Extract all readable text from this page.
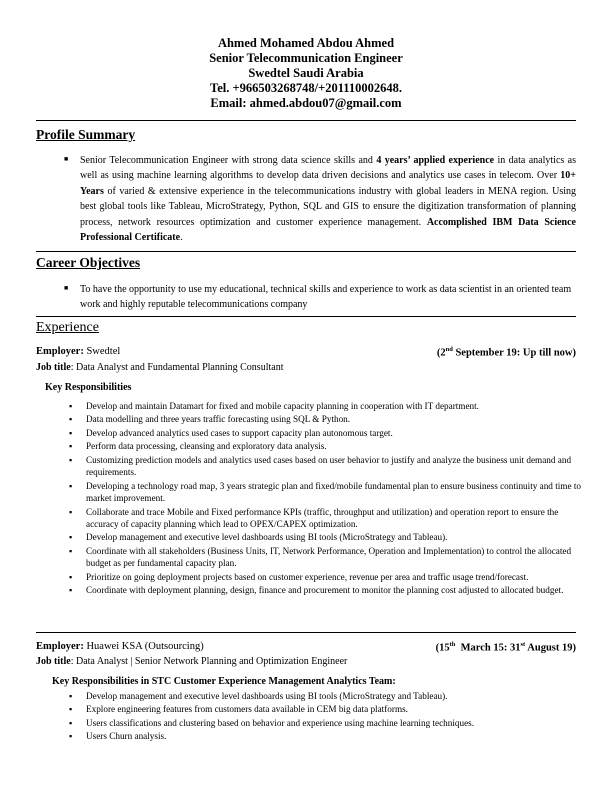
Ahmed Mohamed Abdou Ahmed
Senior Telecommunication Engineer
Swedtel Saudi Arabia
Tel. +966503268748/+201110002648.
Email: ahmed.abdou07@gmail.com
Profile Summary
■ Senior Telecommunication Engineer with strong data science skills and 4 years’ applied experience in data analytics as well as using machine learning algorithms to develop data driven decisions and analytics use cases in telecom. Over 10+ Years of varied & extensive experience in the telecommunications industry with global leaders in MENA region. Using best global tools like Tableau, MicroStrategy, Python, SQL and GIS to ensure the digitization transformation of planning process, network resources optimization and customer experience management. Accomplished IBM Data Science Professional Certificate.
Career Objectives
■ To have the opportunity to use my educational, technical skills and experience to work as data scientist in an oriented team work and highly reputable telecommunications company
Experience
Employer: Swedtel	(2nd September 19: Up till now)
Job title: Data Analyst and Fundamental Planning Consultant
Key Responsibilities
▪ Develop and maintain Datamart for fixed and mobile capacity planning in cooperation with IT department.
▪ Data modelling and three years traffic forecasting using SQL & Python.
▪ Develop advanced analytics used cases to support capacity plan autonomous target.
▪ Perform data processing, cleansing and exploratory data analysis.
▪ Customizing prediction models and analytics used cases based on user behavior to justify and analyze the business unit demand and requirements.
▪ Developing a technology road map, 3 years strategic plan and fixed/mobile fundamental plan to ensure business continuity and time to market improvement.
▪ Collaborate and trace Mobile and Fixed performance KPIs (traffic, throughput and utilization) and operation report to ensure the accuracy of capacity planning which lead to OPEX/CAPEX optimization.
▪ Develop management and executive level dashboards using BI tools (MicroStrategy and Tableau).
▪ Coordinate with all stakeholders (Business Units, IT, Network Performance, Operation and Implementation) to control the allocated budget as per fundamental capacity plan.
▪ Prioritize on going deployment projects based on customer experience, revenue per area and traffic usage trend/forecast.
▪ Coordinate with deployment planning, design, finance and procurement to monitor the planning cost adjusted to allocated budget.
Employer: Huawei KSA (Outsourcing)	(15th  March 15: 31st August 19)
Job title: Data Analyst | Senior Network Planning and Optimization Engineer
Key Responsibilities in STC Customer Experience Management Analytics Team:
▪ Develop management and executive level dashboards using BI tools (MicroStrategy and Tableau).
▪ Explore engineering features from customers data available in CEM big data platforms.
▪ Users classifications and clustering based on behavior and experience using machine learning techniques.
▪ Users Churn analysis.
